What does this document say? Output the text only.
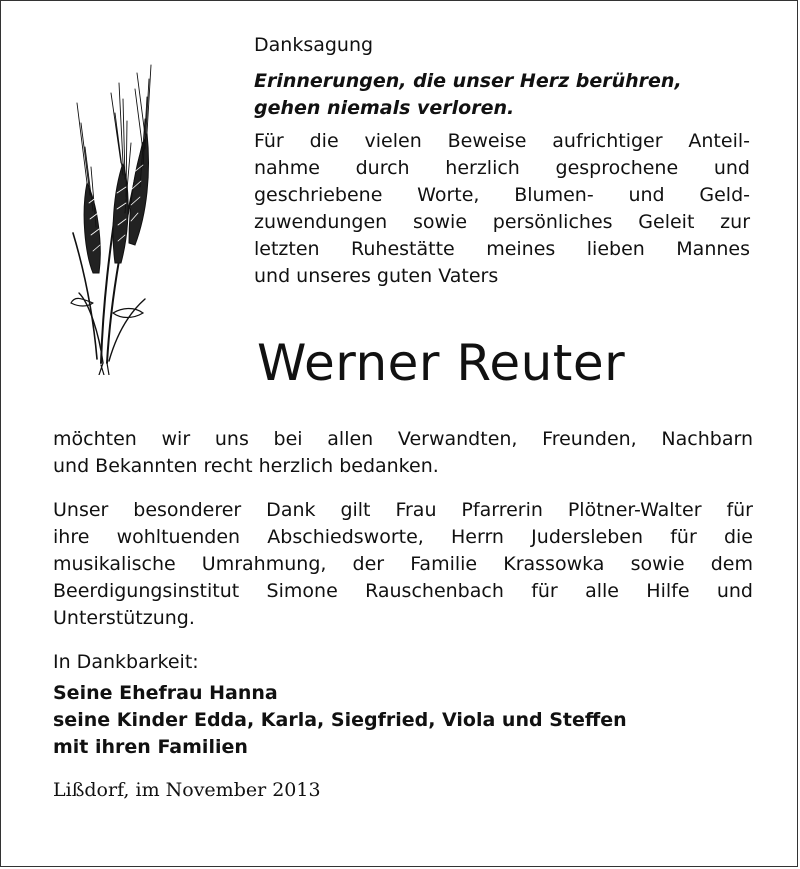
Danksagung
Erinnerungen, die unser Herz berühren,
gehen niemals verloren.
Für die vielen Beweise aufrichtiger Anteil-
nahme durch herzlich gesprochene und
geschriebene Worte, Blumen- und Geld-
zuwendungen sowie persönliches Geleit zur
letzten Ruhestätte meines lieben Mannes
und unseres guten Vaters
Werner Reuter
möchten wir uns bei allen Verwandten, Freunden, Nachbarn
und Bekannten recht herzlich bedanken.
Unser besonderer Dank gilt Frau Pfarrerin Plötner-Walter für
ihre wohltuenden Abschiedsworte, Herrn Judersleben für die
musikalische Umrahmung, der Familie Krassowka sowie dem
Beerdigungsinstitut Simone Rauschenbach für alle Hilfe und
Unterstützung.
In Dankbarkeit:
Seine Ehefrau Hanna
seine Kinder Edda, Karla, Siegfried, Viola und Steffen
mit ihren Familien
Lißdorf, im November 2013
